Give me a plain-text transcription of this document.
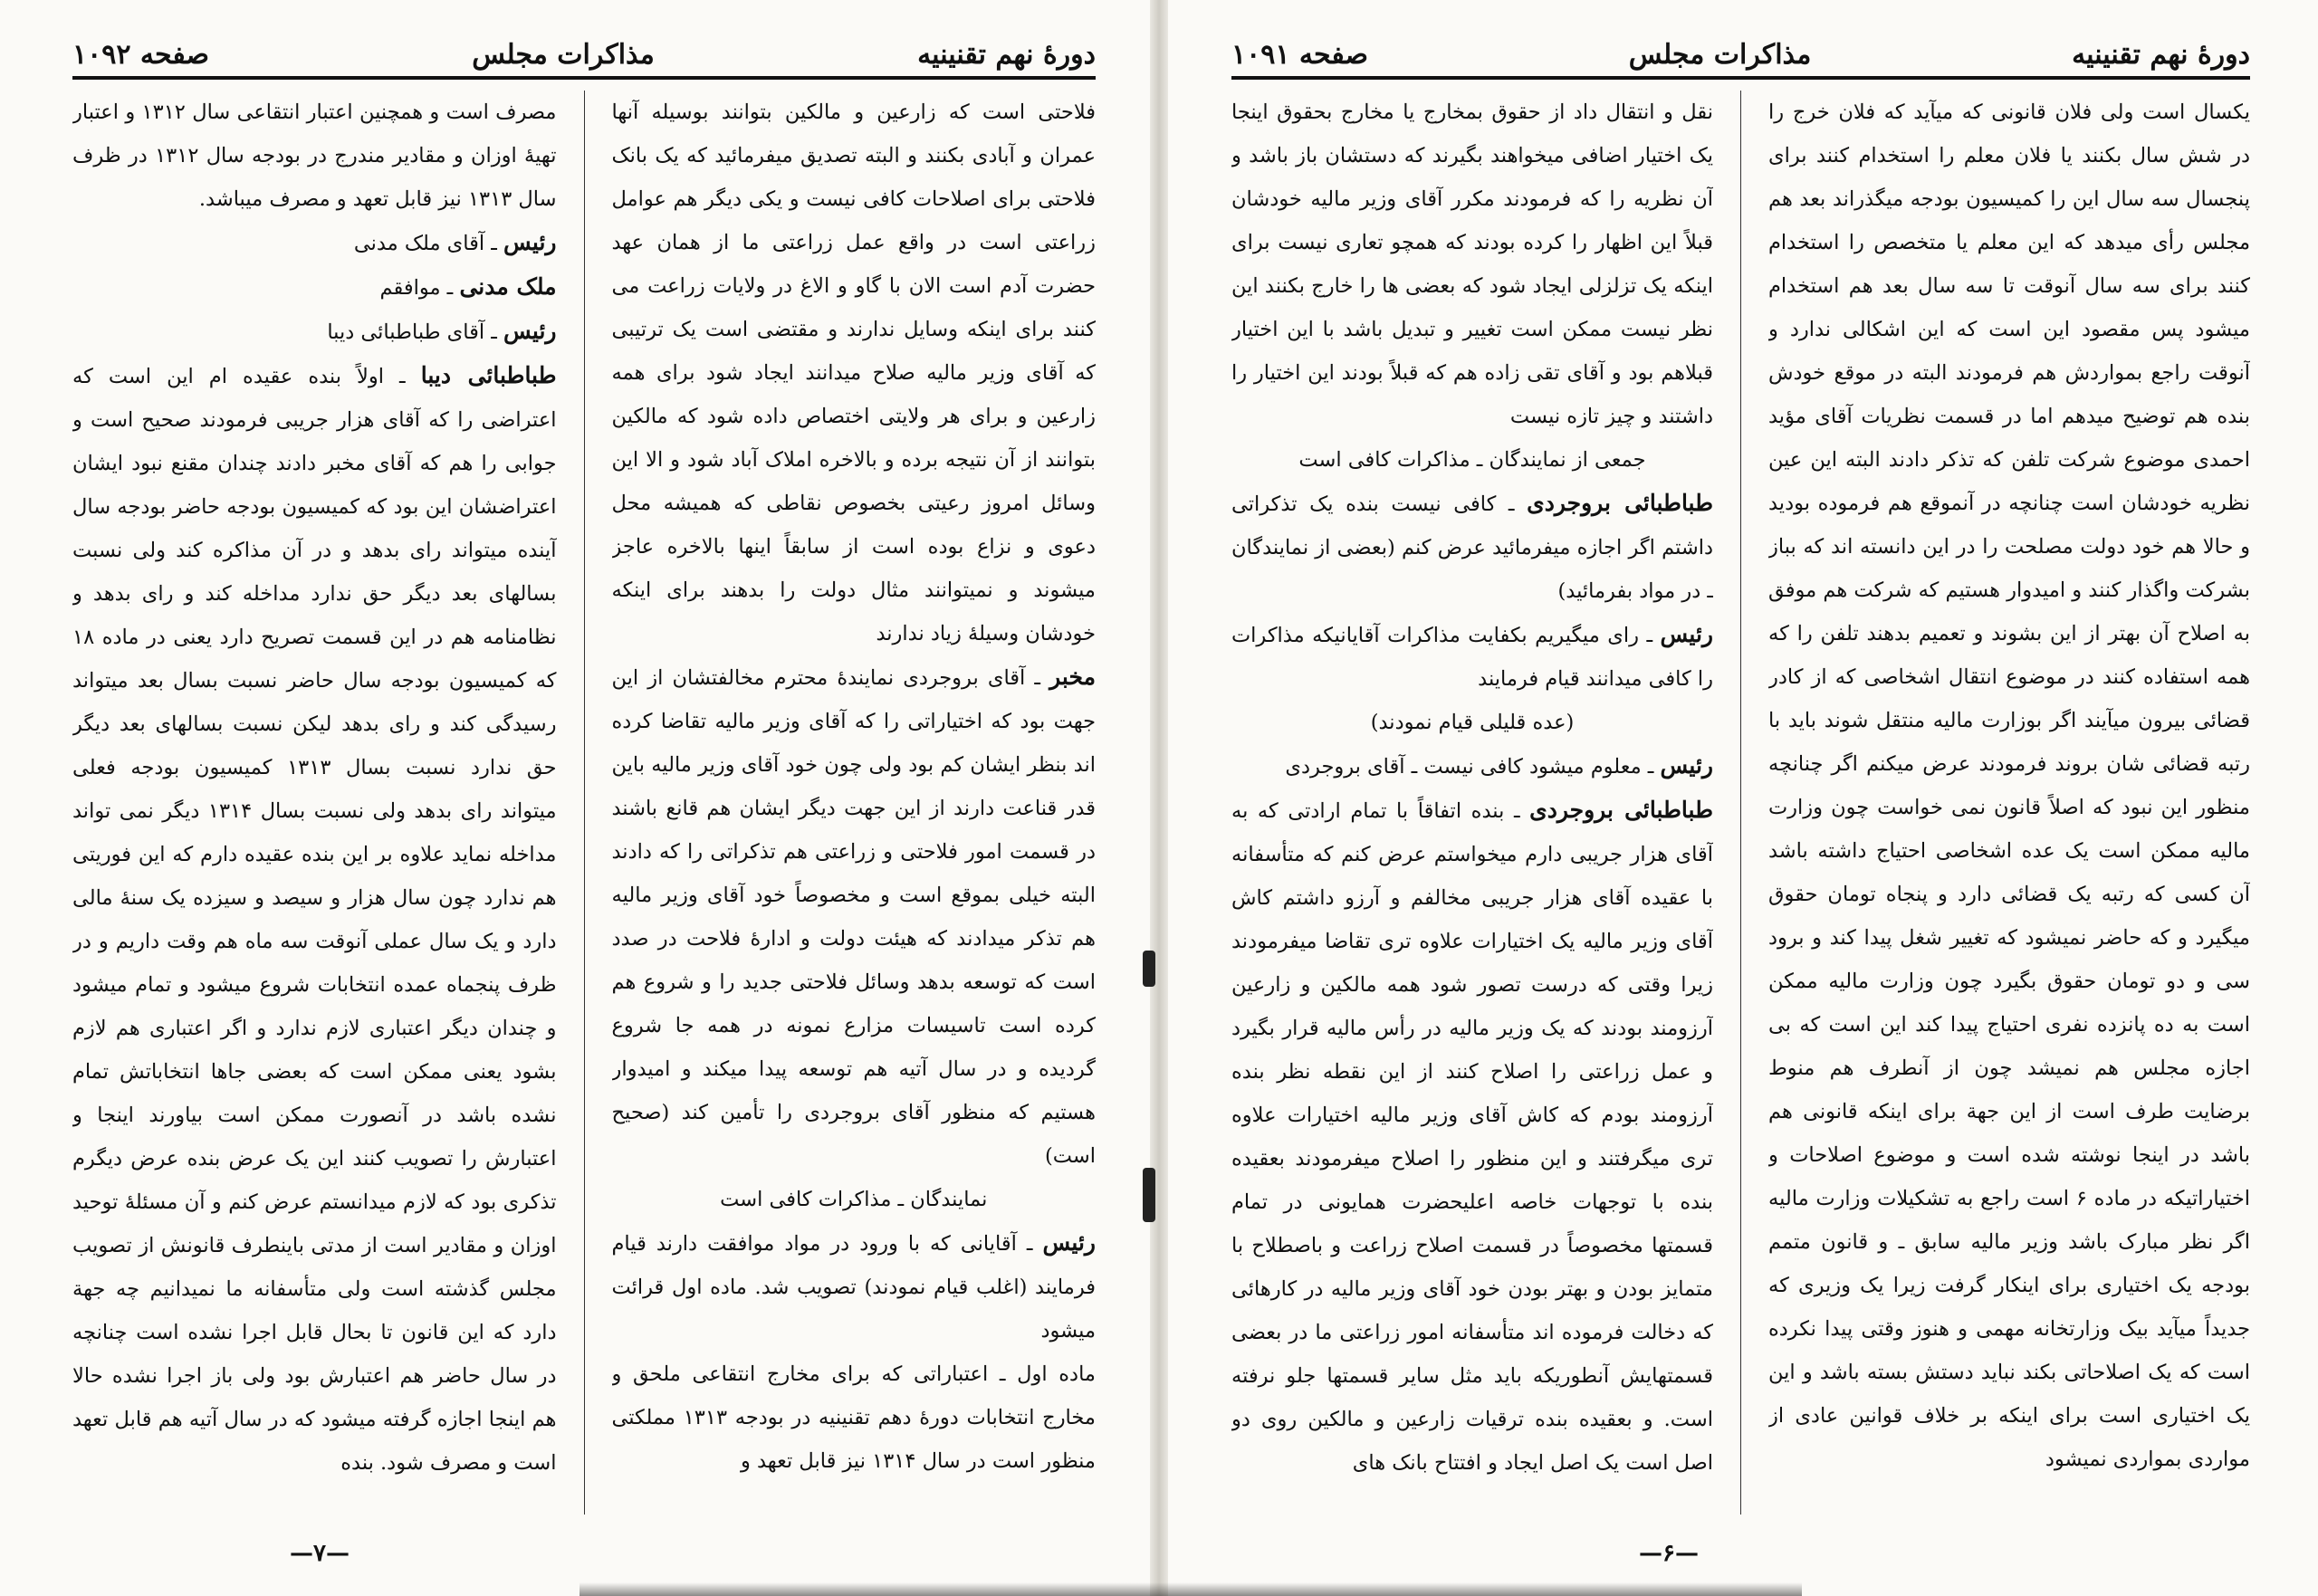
دورهٔ نهم تقنینیه
مذاکرات مجلس
صفحه ۱۰۹۲

فلاحتی است که زارعین و مالکین بتوانند بوسیله آنها عمران و آبادی بکنند و البته تصدیق میفرمائید که یک بانک فلاحتی برای اصلاحات کافی نیست و یکی دیگر هم عوامل زراعتی است در واقع عمل زراعتی ما از همان عهد حضرت آدم است الان با گاو و الاغ در ولایات زراعت می کنند برای اینکه وسایل ندارند و مقتضی است یک ترتیبی که آقای وزیر مالیه صلاح میدانند ایجاد شود برای همه زارعین و برای هر ولایتی اختصاص داده شود که مالکین بتوانند از آن نتیجه برده و بالاخره املاک آباد شود و الا این وسائل امروز رعیتی بخصوص نقاطی که همیشه محل دعوی و نزاع بوده است از سابقاً اینها بالاخره عاجز میشوند و نمیتوانند مثال دولت را بدهند برای اینکه خودشان وسیلهٔ زیاد ندارند

مخبر ـ آقای بروجردی نمایندهٔ محترم مخالفتشان از این جهت بود که اختیاراتی را که آقای وزیر مالیه تقاضا کرده اند بنظر ایشان کم بود ولی چون خود آقای وزیر مالیه باین قدر قناعت دارند از این جهت دیگر ایشان هم قانع باشند در قسمت امور فلاحتی و زراعتی هم تذکراتی را که دادند البته خیلی بموقع است و مخصوصاً خود آقای وزیر مالیه هم تذکر میدادند که هیئت دولت و ادارهٔ فلاحت در صدد است که توسعه بدهد وسائل فلاحتی جدید را و شروع هم کرده است تاسیسات مزارع نمونه در همه جا شروع گردیده و در سال آتیه هم توسعه پیدا میکند و امیدوار هستیم که منظور آقای بروجردی را تأمین کند (صحیح است)

نمایندگان ـ مذاکرات کافی است

رئیس ـ آقایانی که با ورود در مواد موافقت دارند قیام فرمایند (اغلب قیام نمودند) تصویب شد. ماده اول قرائت میشود

ماده اول ـ اعتباراتی که برای مخارج انتقاعی ملحق و مخارج انتخابات دورهٔ دهم تقنینیه در بودجه ۱۳۱۳ مملکتی منظور است در سال ۱۳۱۴ نیز قابل تعهد و

مصرف است و همچنین اعتبار انتقاعی سال ۱۳۱۲ و اعتبار تهیهٔ اوزان و مقادیر مندرج در بودجه سال ۱۳۱۲ در ظرف سال ۱۳۱۳ نیز قابل تعهد و مصرف میباشد.

رئیس ـ آقای ملک مدنی

ملک مدنی ـ موافقم

رئیس ـ آقای طباطبائی دیبا

طباطبائی دیبا ـ اولاً بنده عقیده ام این است که اعتراضی را که آقای هزار جریبی فرمودند صحیح است و جوابی را هم که آقای مخبر دادند چندان مقنع نبود ایشان اعتراضشان این بود که کمیسیون بودجه حاضر بودجه سال آینده میتواند رای بدهد و در آن مذاکره کند ولی نسبت بسالهای بعد دیگر حق ندارد مداخله کند و رای بدهد و نظامنامه هم در این قسمت تصریح دارد یعنی در ماده ۱۸ که کمیسیون بودجه سال حاضر نسبت بسال بعد میتواند رسیدگی کند و رای بدهد لیکن نسبت بسالهای بعد دیگر حق ندارد نسبت بسال ۱۳۱۳ کمیسیون بودجه فعلی میتواند رای بدهد ولی نسبت بسال ۱۳۱۴ دیگر نمی تواند مداخله نماید علاوه بر این بنده عقیده دارم که این فوریتی هم ندارد چون سال هزار و سیصد و سیزده یک سنهٔ مالی دارد و یک سال عملی آنوقت سه ماه هم وقت داریم و در ظرف پنجماه عمده انتخابات شروع میشود و تمام میشود و چندان دیگر اعتباری لازم ندارد و اگر اعتباری هم لازم بشود یعنی ممکن است که بعضی جاها انتخاباتش تمام نشده باشد در آنصورت ممکن است بیاورند اینجا و اعتبارش را تصویب کنند این یک عرض بنده عرض دیگرم تذکری بود که لازم میدانستم عرض کنم و آن مسئلهٔ توحید اوزان و مقادیر است از مدتی باینطرف قانونش از تصویب مجلس گذشته است ولی متأسفانه ما نمیدانیم چه جهة دارد که این قانون تا بحال قابل اجرا نشده است چنانچه در سال حاضر هم اعتبارش بود ولی باز اجرا نشده حالا هم اینجا اجازه گرفته میشود که در سال آتیه هم قابل تعهد است و مصرف شود. بنده

—۷—
دورهٔ نهم تقنینیه
مذاکرات مجلس
صفحه ۱۰۹۱

یکسال است ولی فلان قانونی که میآید که فلان خرج را در شش سال بکنند یا فلان معلم را استخدام کنند برای پنجسال سه سال این را کمیسیون بودجه میگذراند بعد هم مجلس رأی میدهد که این معلم یا متخصص را استخدام کنند برای سه سال آنوقت تا سه سال بعد هم استخدام میشود پس مقصود این است که این اشکالی ندارد و آنوقت راجع بمواردش هم فرمودند البته در موقع خودش بنده هم توضیح میدهم اما در قسمت نظریات آقای مؤید احمدی موضوع شرکت تلفن که تذکر دادند البته این عین نظریه خودشان است چنانچه در آنموقع هم فرموده بودید و حالا هم خود دولت مصلحت را در این دانسته اند که بباز بشرکت واگذار کنند و امیدوار هستیم که شرکت هم موفق به اصلاح آن بهتر از این بشوند و تعمیم بدهند تلفن را که همه استفاده کنند در موضوع انتقال اشخاصی که از کادر قضائی بیرون میآیند اگر بوزارت مالیه منتقل شوند باید با رتبه قضائی شان بروند فرمودند عرض میکنم اگر چنانچه منظور این نبود که اصلاً قانون نمی خواست چون وزارت مالیه ممکن است یک عده اشخاصی احتیاج داشته باشد آن کسی که رتبه یک قضائی دارد و پنجاه تومان حقوق میگیرد و که حاضر نمیشود که تغییر شغل پیدا کند و برود سی و دو تومان حقوق بگیرد چون وزارت مالیه ممکن است به ده پانزده نفری احتیاج پیدا کند این است که بی اجازه مجلس هم نمیشد چون از آنطرف هم منوط برضایت طرف است از این جهة برای اینکه قانونی هم باشد در اینجا نوشته شده است و موضوع اصلاحات و اختیاراتیکه در ماده ۶ است راجع به تشکیلات وزارت مالیه اگر نظر مبارک باشد وزیر مالیه سابق ـ و قانون متمم بودجه یک اختیاری برای اینکار گرفت زیرا یک وزیری که جدیداً میآید بیک وزارتخانه مهمی و هنوز وقتی پیدا نکرده است که یک اصلاحاتی بکند نباید دستش بسته باشد و این یک اختیاری است برای اینکه بر خلاف قوانین عادی از مواردی بمواردی نمیشود

نقل و انتقال داد از حقوق بمخارج یا مخارج بحقوق اینجا یک اختیار اضافی میخواهند بگیرند که دستشان باز باشد و آن نظریه را که فرمودند مکرر آقای وزیر مالیه خودشان قبلاً این اظهار را کرده بودند که همچو تعاری نیست برای اینکه یک تزلزلی ایجاد شود که بعضی ها را خارج بکنند این نظر نیست ممکن است تغییر و تبدیل باشد با این اختیار قبلاهم بود و آقای تقی زاده هم که قبلاً بودند این اختیار را داشتند و چیز تازه نیست

جمعی از نمایندگان ـ مذاکرات کافی است

طباطبائی بروجردی ـ کافی نیست بنده یک تذکراتی داشتم اگر اجازه میفرمائید عرض کنم (بعضی از نمایندگان ـ در مواد بفرمائید)

رئیس ـ رای میگیریم بکفایت مذاکرات آقایانیکه مذاکرات را کافی میدانند قیام فرمایند

(عده قلیلی قیام نمودند)

رئیس ـ معلوم میشود کافی نیست ـ آقای بروجردی

طباطبائی بروجردی ـ بنده اتفاقاً با تمام ارادتی که به آقای هزار جریبی دارم میخواستم عرض کنم که متأسفانه با عقیده آقای هزار جریبی مخالفم و آرزو داشتم کاش آقای وزیر مالیه یک اختیارات علاوه تری تقاضا میفرمودند زیرا وقتی که درست تصور شود همه مالکین و زارعین آرزومند بودند که یک وزیر مالیه در رأس مالیه قرار بگیرد و عمل زراعتی را اصلاح کنند از این نقطه نظر بنده آرزومند بودم که کاش آقای وزیر مالیه اختیارات علاوه تری میگرفتند و این منظور را اصلاح میفرمودند بعقیده بنده با توجهات خاصه اعلیحضرت همایونی در تمام قسمتها مخصوصاً در قسمت اصلاح زراعت و باصطلاح با متمایز بودن و بهتر بودن خود آقای وزیر مالیه در کارهائی که دخالت فرموده اند متأسفانه امور زراعتی ما در بعضی قسمتهایش آنطوریکه باید مثل سایر قسمتها جلو نرفته است. و بعقیده بنده ترقیات زارعین و مالکین روی دو اصل است یک اصل ایجاد و افتتاح بانک های

—۶—
